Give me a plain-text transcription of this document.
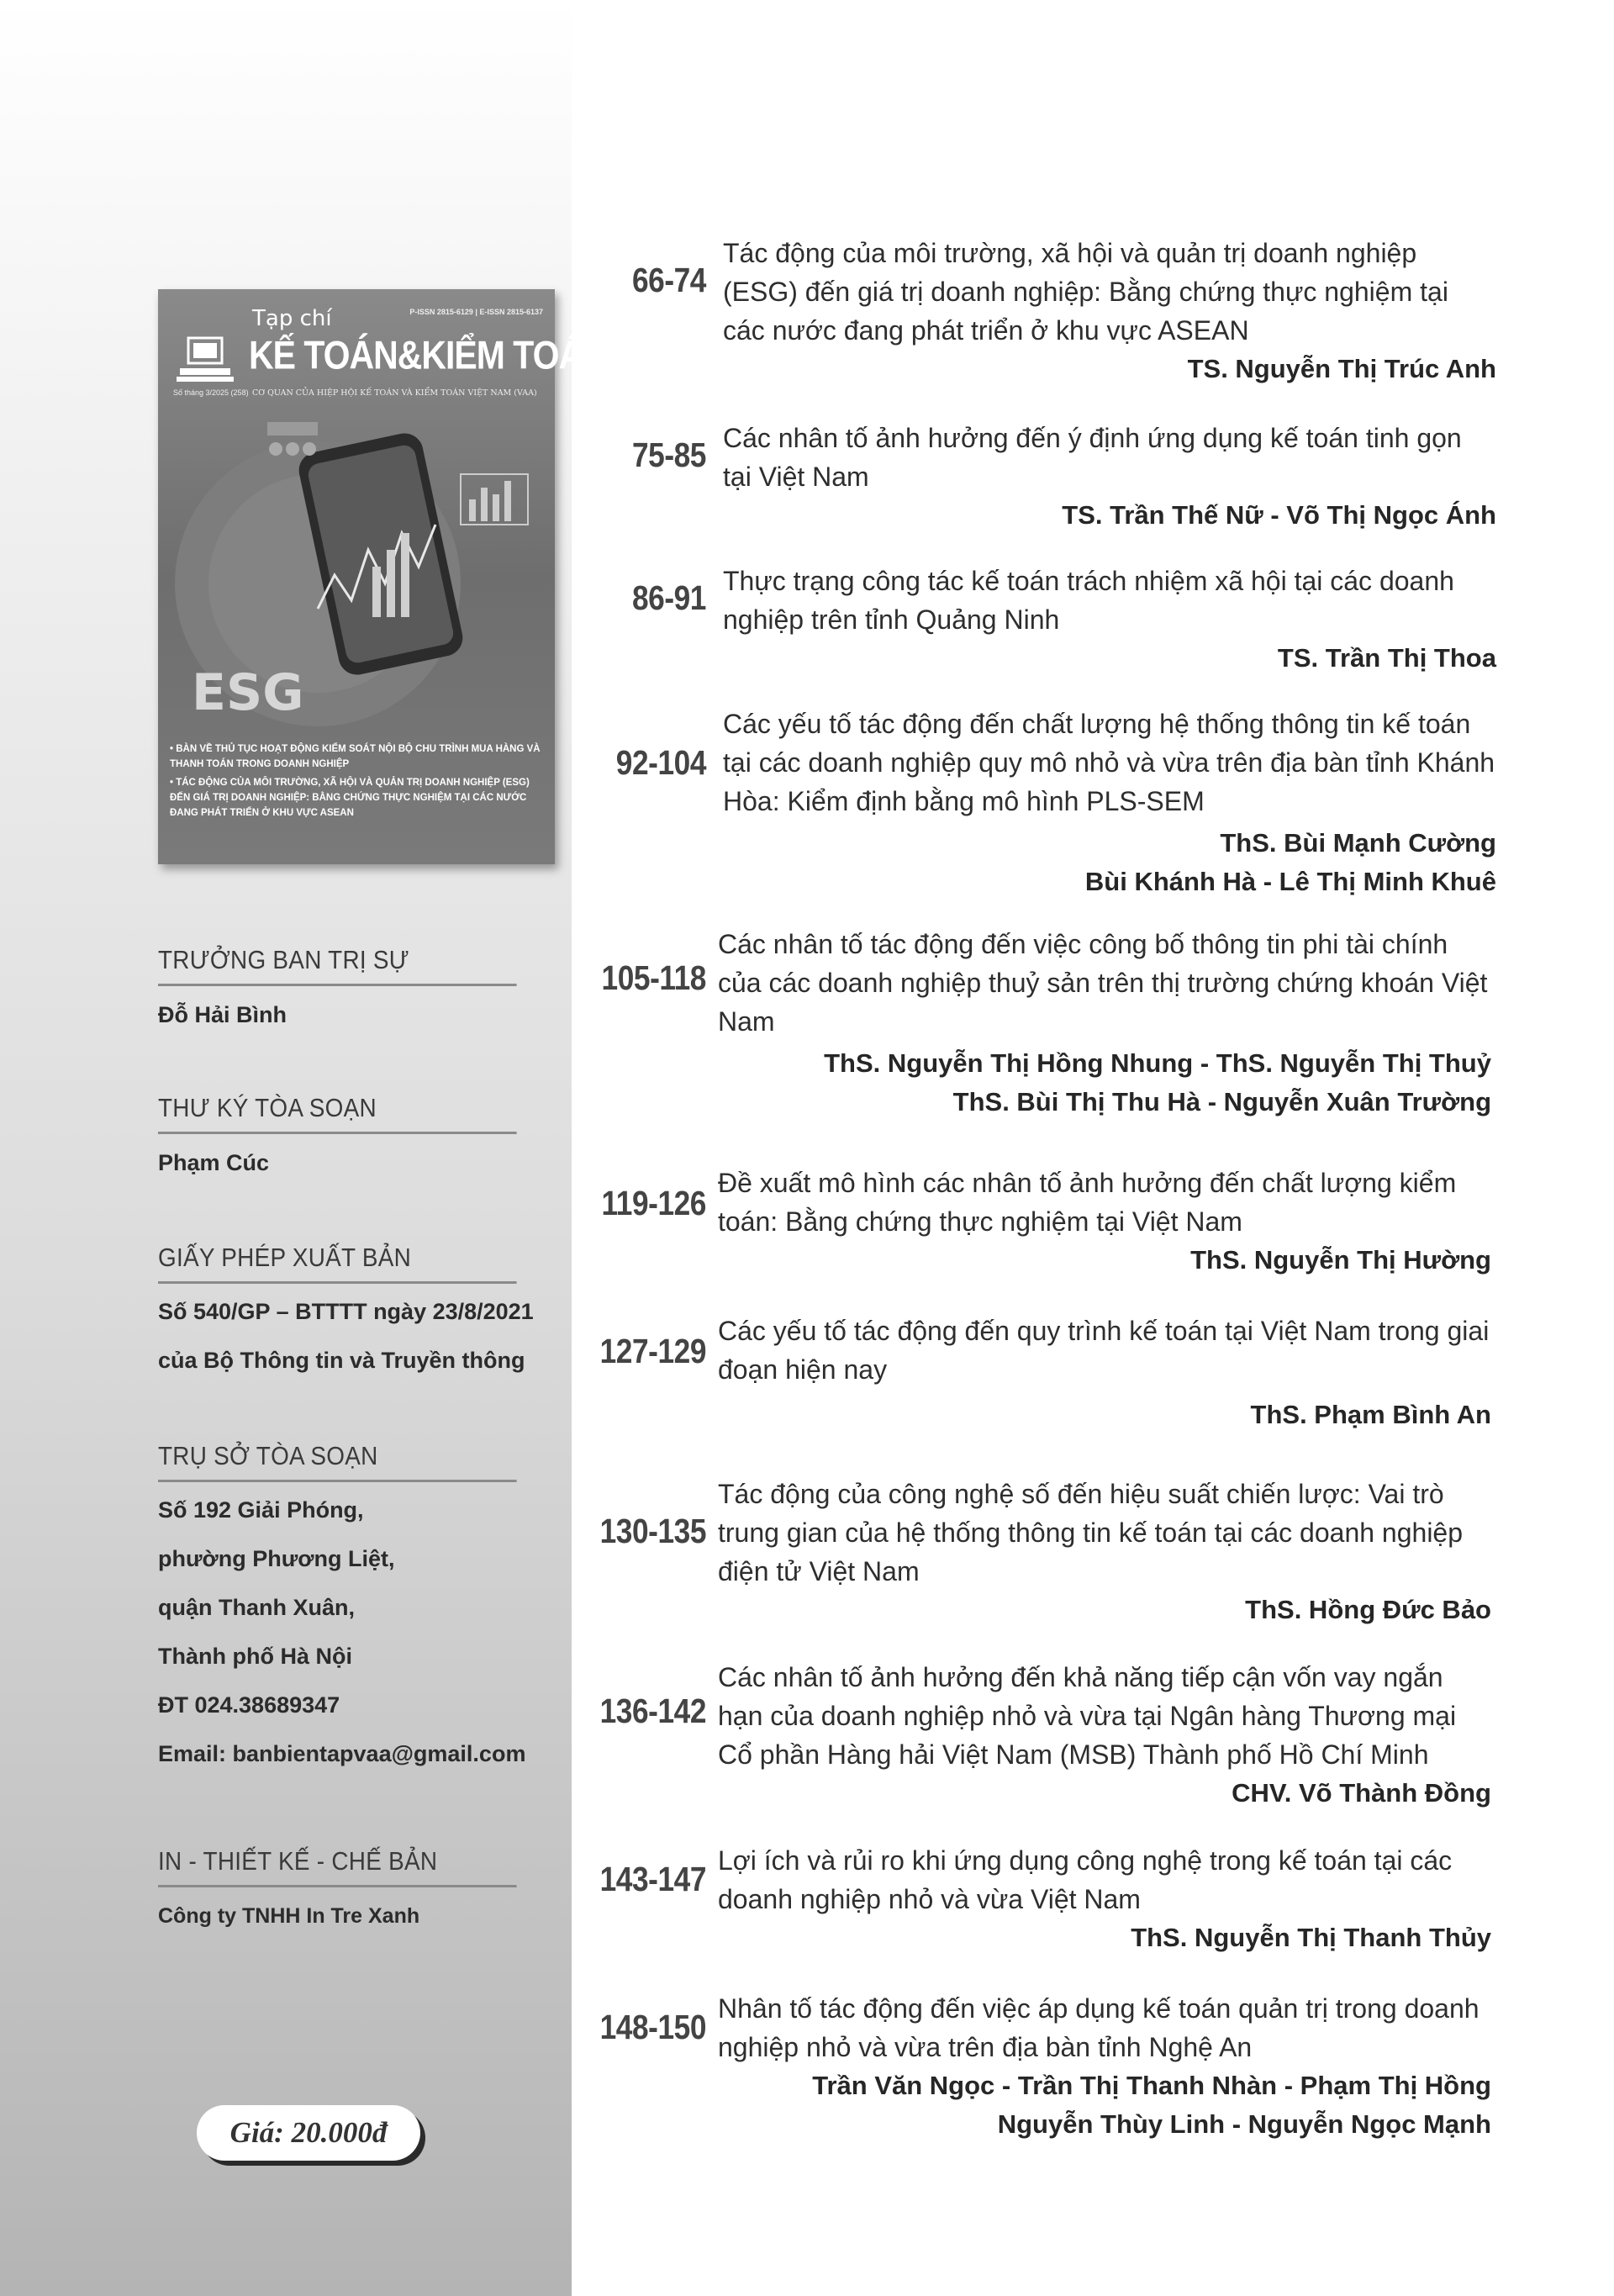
ESG
Tạp chí	P-ISSN 2815-6129 | E-ISSN 2815-6137
KẾ TOÁN&KIỂM TOÁN
Số tháng 3/2025 (258) CƠ QUAN CỦA HIỆP HỘI KẾ TOÁN VÀ KIỂM TOÁN VIỆT NAM (VAA)
• BÀN VỀ THỦ TỤC HOẠT ĐỘNG KIỂM SOÁT NỘI BỘ CHU TRÌNH MUA HÀNG VÀ THANH TOÁN TRONG DOANH NGHIỆP
• TÁC ĐỘNG CỦA MÔI TRƯỜNG, XÃ HỘI VÀ QUẢN TRỊ DOANH NGHIỆP (ESG) ĐẾN GIÁ TRỊ DOANH NGHIỆP: BẰNG CHỨNG THỰC NGHIỆM TẠI CÁC NƯỚC ĐANG PHÁT TRIỂN Ở KHU VỰC ASEAN
TRƯỞNG BAN TRỊ SỰ
Đỗ Hải Bình
THƯ KÝ TÒA SOẠN
Phạm Cúc
GIẤY PHÉP XUẤT BẢN
Số 540/GP – BTTTT ngày 23/8/2021
của Bộ Thông tin và Truyền thông
TRỤ SỞ TÒA SOẠN
Số 192 Giải Phóng,
phường Phương Liệt,
quận Thanh Xuân,
Thành phố Hà Nội
ĐT 024.38689347
Email: banbientapvaa@gmail.com
IN - THIẾT KẾ - CHẾ BẢN
Công ty TNHH In Tre Xanh
Giá: 20.000đ
66-74
Tác động của môi trường, xã hội và quản trị doanh nghiệp (ESG) đến giá trị doanh nghiệp: Bằng chứng thực nghiệm tại các nước đang phát triển ở khu vực ASEAN
TS. Nguyễn Thị Trúc Anh
75-85 Các nhân tố ảnh hưởng đến ý định ứng dụng kế toán tinh gọn tại Việt Nam
TS. Trần Thế Nữ - Võ Thị Ngọc Ánh
86-91 Thực trạng công tác kế toán trách nhiệm xã hội tại các doanh nghiệp trên tỉnh Quảng Ninh
TS. Trần Thị Thoa
92-104
Các yếu tố tác động đến chất lượng hệ thống thông tin kế toán tại các doanh nghiệp quy mô nhỏ và vừa trên địa bàn tỉnh Khánh Hòa: Kiểm định bằng mô hình PLS-SEM
ThS. Bùi Mạnh Cường
Bùi Khánh Hà - Lê Thị Minh Khuê
105-118
Các nhân tố tác động đến việc công bố thông tin phi tài chính của các doanh nghiệp thuỷ sản trên thị trường chứng khoán Việt Nam
ThS. Nguyễn Thị Hồng Nhung - ThS. Nguyễn Thị Thuỷ
ThS. Bùi Thị Thu Hà - Nguyễn Xuân Trường
119-126
Đề xuất mô hình các nhân tố ảnh hưởng đến chất lượng kiểm toán: Bằng chứng thực nghiệm tại Việt Nam
ThS. Nguyễn Thị Hường
127-129
Các yếu tố tác động đến quy trình kế toán tại Việt Nam trong giai đoạn hiện nay
ThS. Phạm Bình An
130-135
Tác động của công nghệ số đến hiệu suất chiến lược: Vai trò trung gian của hệ thống thông tin kế toán tại các doanh nghiệp điện tử Việt Nam
ThS. Hồng Đức Bảo
136-142
Các nhân tố ảnh hưởng đến khả năng tiếp cận vốn vay ngắn hạn của doanh nghiệp nhỏ và vừa tại Ngân hàng Thương mại Cổ phần Hàng hải Việt Nam (MSB) Thành phố Hồ Chí Minh
CHV. Võ Thành Đồng
143-147 Lợi ích và rủi ro khi ứng dụng công nghệ trong kế toán tại các doanh nghiệp nhỏ và vừa Việt Nam
ThS. Nguyễn Thị Thanh Thủy
148-150 Nhân tố tác động đến việc áp dụng kế toán quản trị trong doanh nghiệp nhỏ và vừa trên địa bàn tỉnh Nghệ An
Trần Văn Ngọc - Trần Thị Thanh Nhàn - Phạm Thị Hồng
Nguyễn Thùy Linh - Nguyễn Ngọc Mạnh
